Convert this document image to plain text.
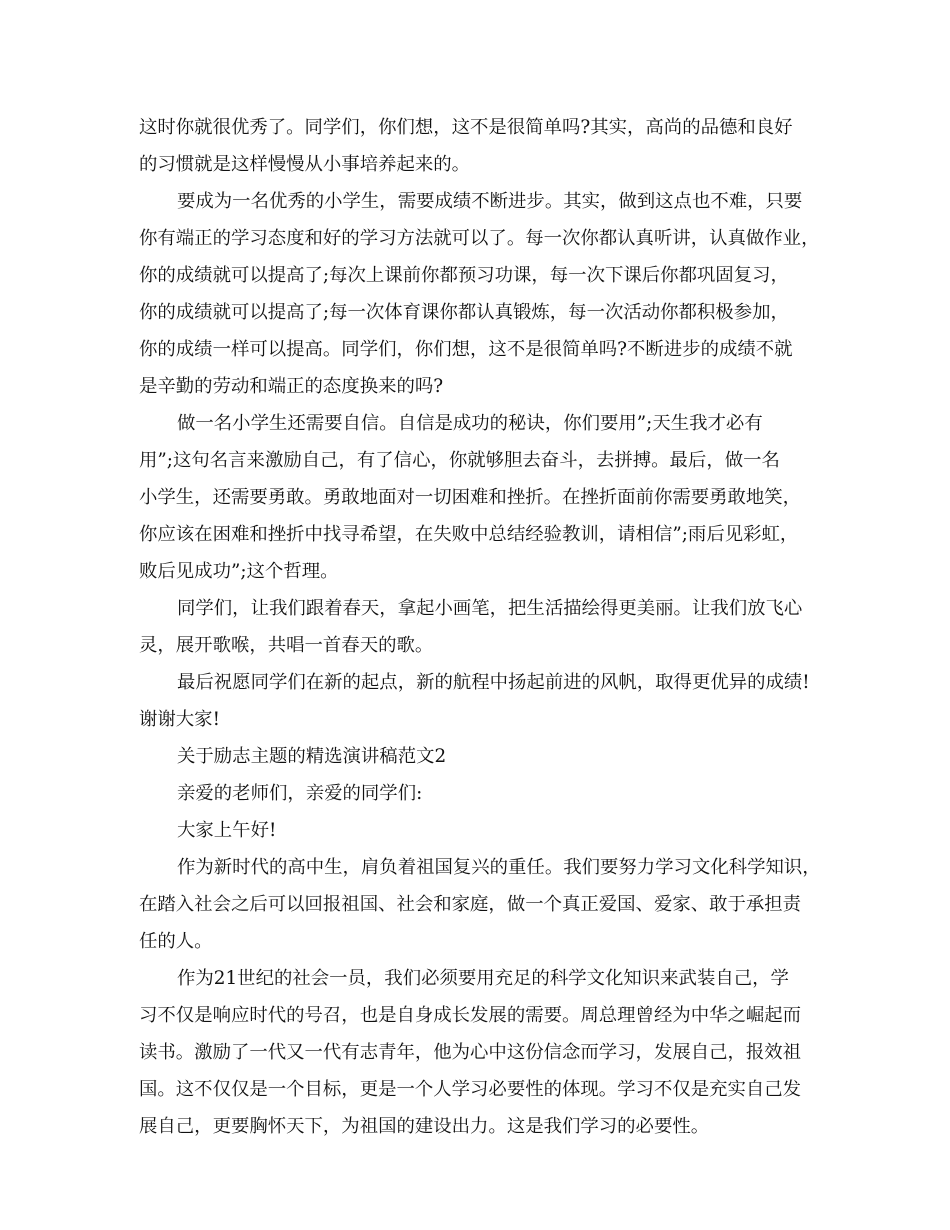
这时你就很优秀了。同学们，你们想，这不是很简单吗?其实，高尚的品德和良好
的习惯就是这样慢慢从小事培养起来的。
要成为一名优秀的小学生，需要成绩不断进步。其实，做到这点也不难，只要
你有端正的学习态度和好的学习方法就可以了。每一次你都认真听讲，认真做作业，
你的成绩就可以提高了;每次上课前你都预习功课，每一次下课后你都巩固复习，
你的成绩就可以提高了;每一次体育课你都认真锻炼，每一次活动你都积极参加，
你的成绩一样可以提高。同学们，你们想，这不是很简单吗?不断进步的成绩不就
是辛勤的劳动和端正的态度换来的吗?
做一名小学生还需要自信。自信是成功的秘诀，你们要用”;天生我才必有
用”;这句名言来激励自己，有了信心，你就够胆去奋斗，去拼搏。最后，做一名
小学生，还需要勇敢。勇敢地面对一切困难和挫折。在挫折面前你需要勇敢地笑，
你应该在困难和挫折中找寻希望，在失败中总结经验教训，请相信”;雨后见彩虹，
败后见成功”;这个哲理。
同学们，让我们跟着春天，拿起小画笔，把生活描绘得更美丽。让我们放飞心
灵，展开歌喉，共唱一首春天的歌。
最后祝愿同学们在新的起点，新的航程中扬起前进的风帆，取得更优异的成绩!
谢谢大家!
关于励志主题的精选演讲稿范文2
亲爱的老师们，亲爱的同学们:
大家上午好!
作为新时代的高中生，肩负着祖国复兴的重任。我们要努力学习文化科学知识，
在踏入社会之后可以回报祖国、社会和家庭，做一个真正爱国、爱家、敢于承担责
任的人。
作为21世纪的社会一员，我们必须要用充足的科学文化知识来武装自己，学
习不仅是响应时代的号召，也是自身成长发展的需要。周总理曾经为中华之崛起而
读书。激励了一代又一代有志青年，他为心中这份信念而学习，发展自己，报效祖
国。这不仅仅是一个目标，更是一个人学习必要性的体现。学习不仅是充实自己发
展自己，更要胸怀天下，为祖国的建设出力。这是我们学习的必要性。
